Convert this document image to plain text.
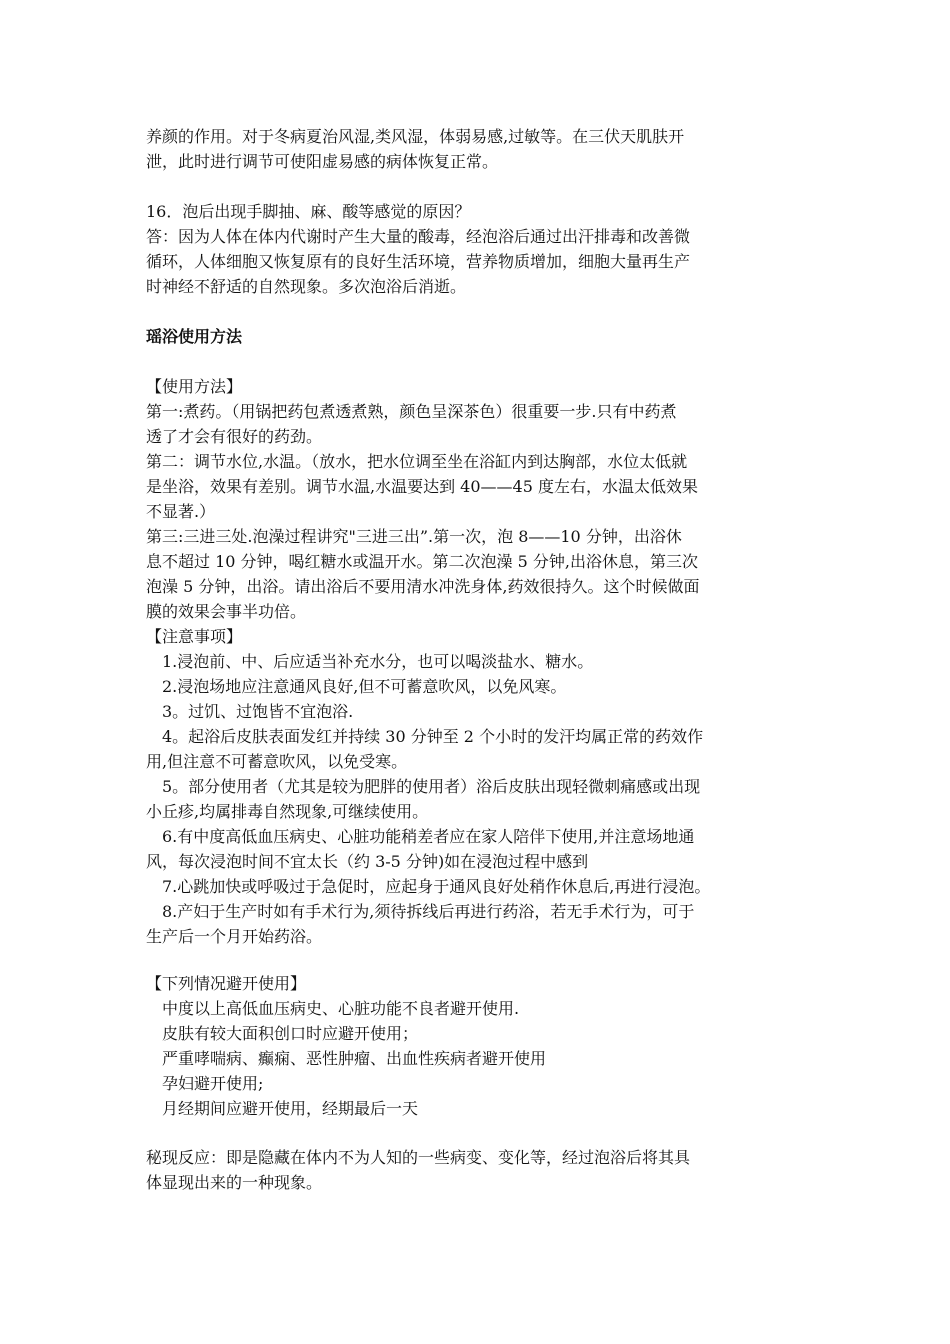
养颜的作用。对于冬病夏治风湿,类风湿，体弱易感,过敏等。在三伏天肌肤开
泄，此时进行调节可使阳虚易感的病体恢复正常。
16．泡后出现手脚抽、麻、酸等感觉的原因？
答：因为人体在体内代谢时产生大量的酸毒，经泡浴后通过出汗排毒和改善微
循环，人体细胞又恢复原有的良好生活环境，营养物质增加，细胞大量再生产
时神经不舒适的自然现象。多次泡浴后消逝。
瑶浴使用方法
【使用方法】
第一:煮药。（用锅把药包煮透煮熟，颜色呈深茶色）很重要一步.只有中药煮
透了才会有很好的药劲。
第二：调节水位,水温。（放水，把水位调至坐在浴缸内到达胸部，水位太低就
是坐浴，效果有差别。调节水温,水温要达到 40——45 度左右，水温太低效果
不显著.）
第三:三进三处.泡澡过程讲究"三进三出”.第一次，泡 8——10 分钟，出浴休
息不超过 10 分钟，喝红糖水或温开水。第二次泡澡 5 分钟,出浴休息，第三次
泡澡 5 分钟，出浴。请出浴后不要用清水冲洗身体,药效很持久。这个时候做面
膜的效果会事半功倍。
【注意事项】
1.浸泡前、中、后应适当补充水分，也可以喝淡盐水、糖水。
2.浸泡场地应注意通风良好,但不可蓄意吹风，以免风寒。
3。过饥、过饱皆不宜泡浴.
4。起浴后皮肤表面发红并持续 30 分钟至 2 个小时的发汗均属正常的药效作
用,但注意不可蓄意吹风，以免受寒。
5。部分使用者（尤其是较为肥胖的使用者）浴后皮肤出现轻微刺痛感或出现
小丘疹,均属排毒自然现象,可继续使用。
6.有中度高低血压病史、心脏功能稍差者应在家人陪伴下使用,并注意场地通
风，每次浸泡时间不宜太长（约 3-5 分钟)如在浸泡过程中感到
7.心跳加快或呼吸过于急促时，应起身于通风良好处稍作休息后,再进行浸泡。
8.产妇于生产时如有手术行为,须待拆线后再进行药浴，若无手术行为，可于
生产后一个月开始药浴。
【下列情况避开使用】
中度以上高低血压病史、心脏功能不良者避开使用.
皮肤有较大面积创口时应避开使用；
严重哮喘病、癫痫、恶性肿瘤、出血性疾病者避开使用
孕妇避开使用;
月经期间应避开使用，经期最后一天
秘现反应：即是隐藏在体内不为人知的一些病变、变化等，经过泡浴后将其具
体显现出来的一种现象。
